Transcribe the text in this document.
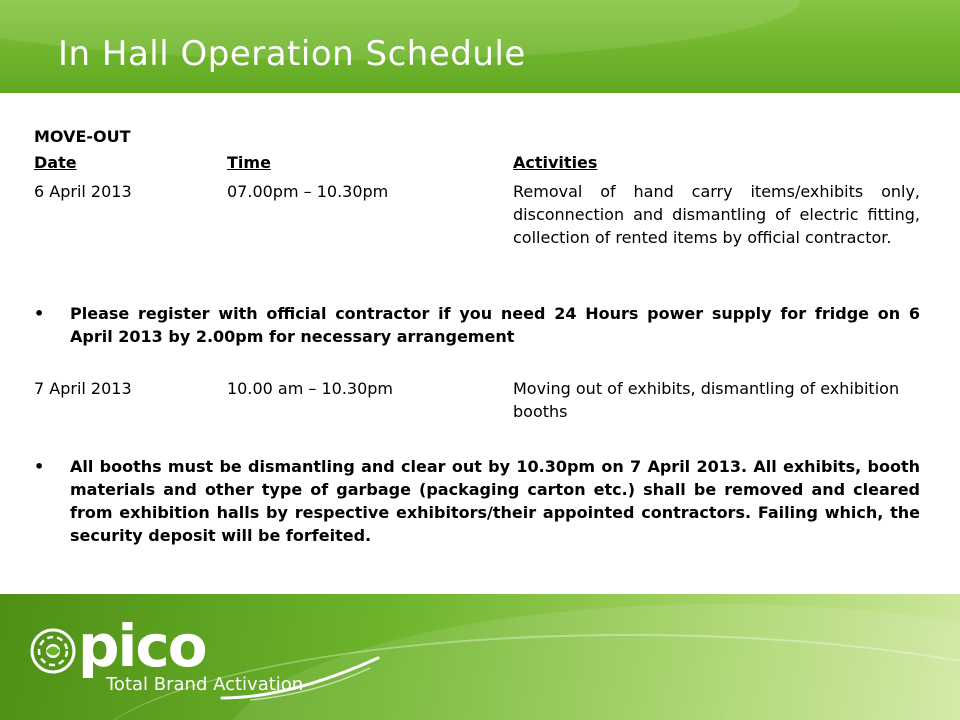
In Hall Operation Schedule
MOVE-OUT
Date	Time	Activities
6 April 2013	07.00pm – 10.30pm	Removal of hand carry items/exhibits only, disconnection and dismantling of electric fitting, collection of rented items by official contractor.
• Please register with official contractor if you need 24 Hours power supply for fridge on 6 April 2013 by 2.00pm for necessary arrangement
7 April 2013	10.00 am – 10.30pm	Moving out of exhibits, dismantling of exhibition booths
• All booths must be dismantling and clear out by 10.30pm on 7 April 2013. All exhibits, booth materials and other type of garbage (packaging carton etc.) shall be removed and cleared from exhibition halls by respective exhibitors/their appointed contractors. Failing which, the security deposit will be forfeited.
pico
Total Brand Activation
